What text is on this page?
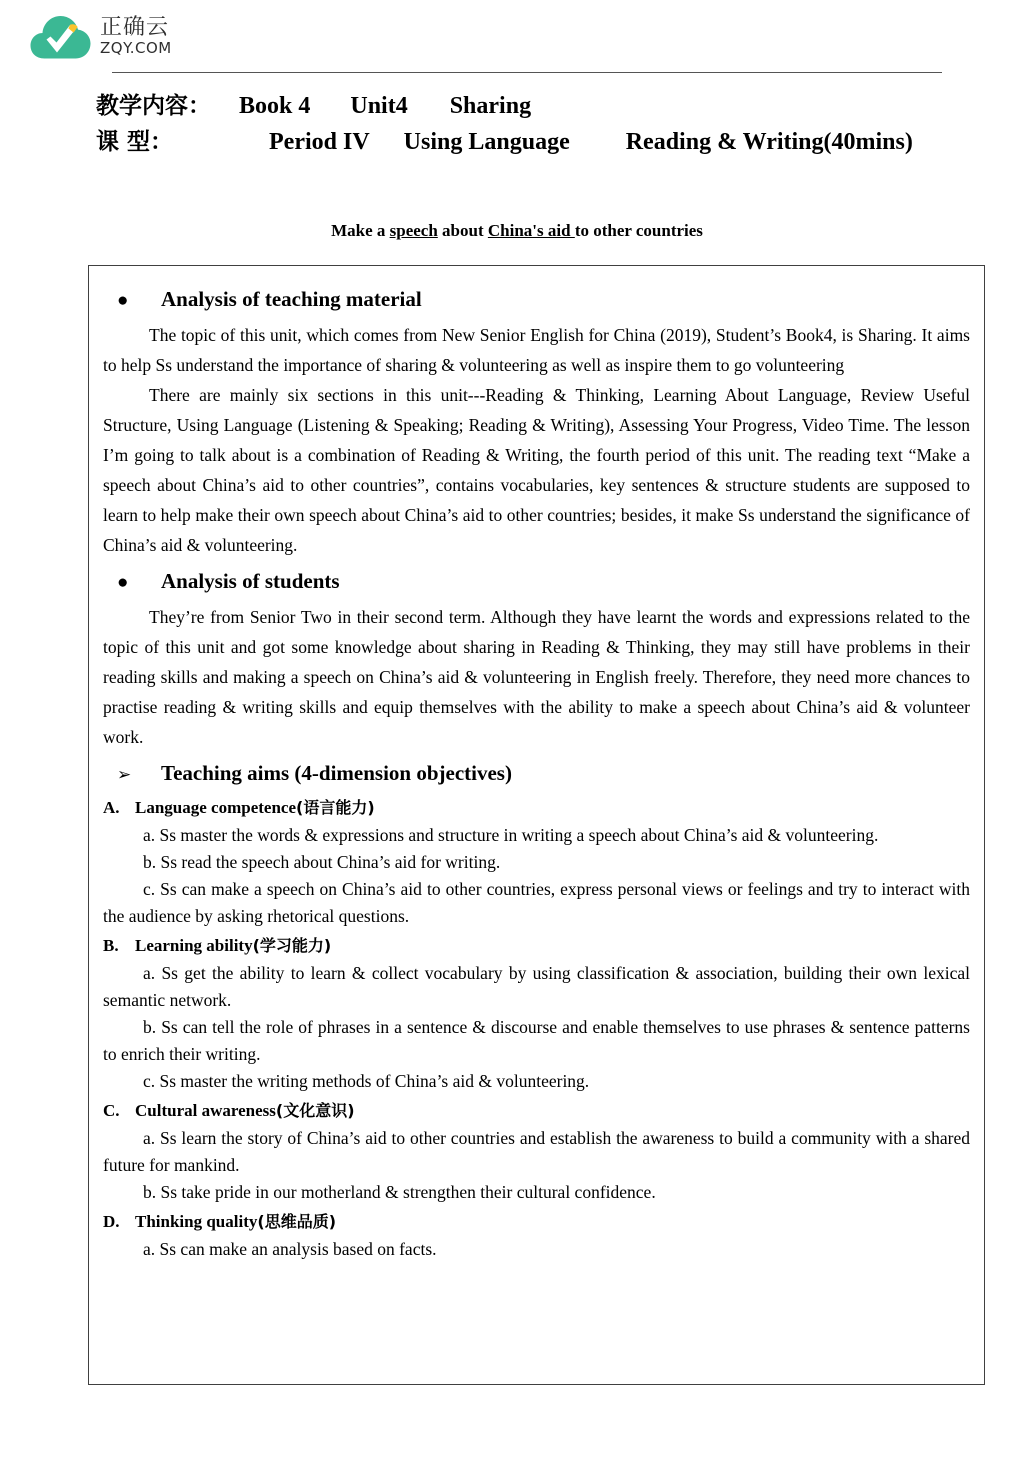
正确云
ZQY.COM
教学内容： Book 4 Unit4 Sharing
课 型：	Period IV Using Language Reading & Writing(40mins)
Make a speech about China's aid to other countries
●	Analysis of teaching material

The topic of this unit, which comes from New Senior English for China (2019), Student’s Book4, is Sharing. It aims to help Ss understand the importance of sharing & volunteering as well as inspire them to go volunteering

There are mainly six sections in this unit---Reading & Thinking, Learning About Language, Review Useful Structure, Using Language (Listening & Speaking; Reading & Writing), Assessing Your Progress, Video Time. The lesson I’m going to talk about is a combination of Reading & Writing, the fourth period of this unit. The reading text “Make a speech about China’s aid to other countries”, contains vocabularies, key sentences & structure students are supposed to learn to help make their own speech about China’s aid to other countries; besides, it make Ss understand the significance of China’s aid & volunteering.

●	Analysis of students

They’re from Senior Two in their second term. Although they have learnt the words and expressions related to the topic of this unit and got some knowledge about sharing in Reading & Thinking, they may still have problems in their reading skills and making a speech on China’s aid & volunteering in English freely. Therefore, they need more chances to practise reading & writing skills and equip themselves with the ability to make a speech about China’s aid & volunteer work.

➢	Teaching aims (4-dimension objectives)
A. Language competence(语言能力)

a. Ss master the words & expressions and structure in writing a speech about China’s aid & volunteering.

b. Ss read the speech about China’s aid for writing.

c. Ss can make a speech on China’s aid to other countries, express personal views or feelings and try to interact with the audience by asking rhetorical questions.

B. Learning ability(学习能力)

a. Ss get the ability to learn & collect vocabulary by using classification & association, building their own lexical semantic network.

b. Ss can tell the role of phrases in a sentence & discourse and enable themselves to use phrases & sentence patterns to enrich their writing.

c. Ss master the writing methods of China’s aid & volunteering.

C. Cultural awareness(文化意识)

a. Ss learn the story of China’s aid to other countries and establish the awareness to build a community with a shared future for mankind.

b. Ss take pride in our motherland & strengthen their cultural confidence.

D. Thinking quality(思维品质)

a. Ss can make an analysis based on facts.
